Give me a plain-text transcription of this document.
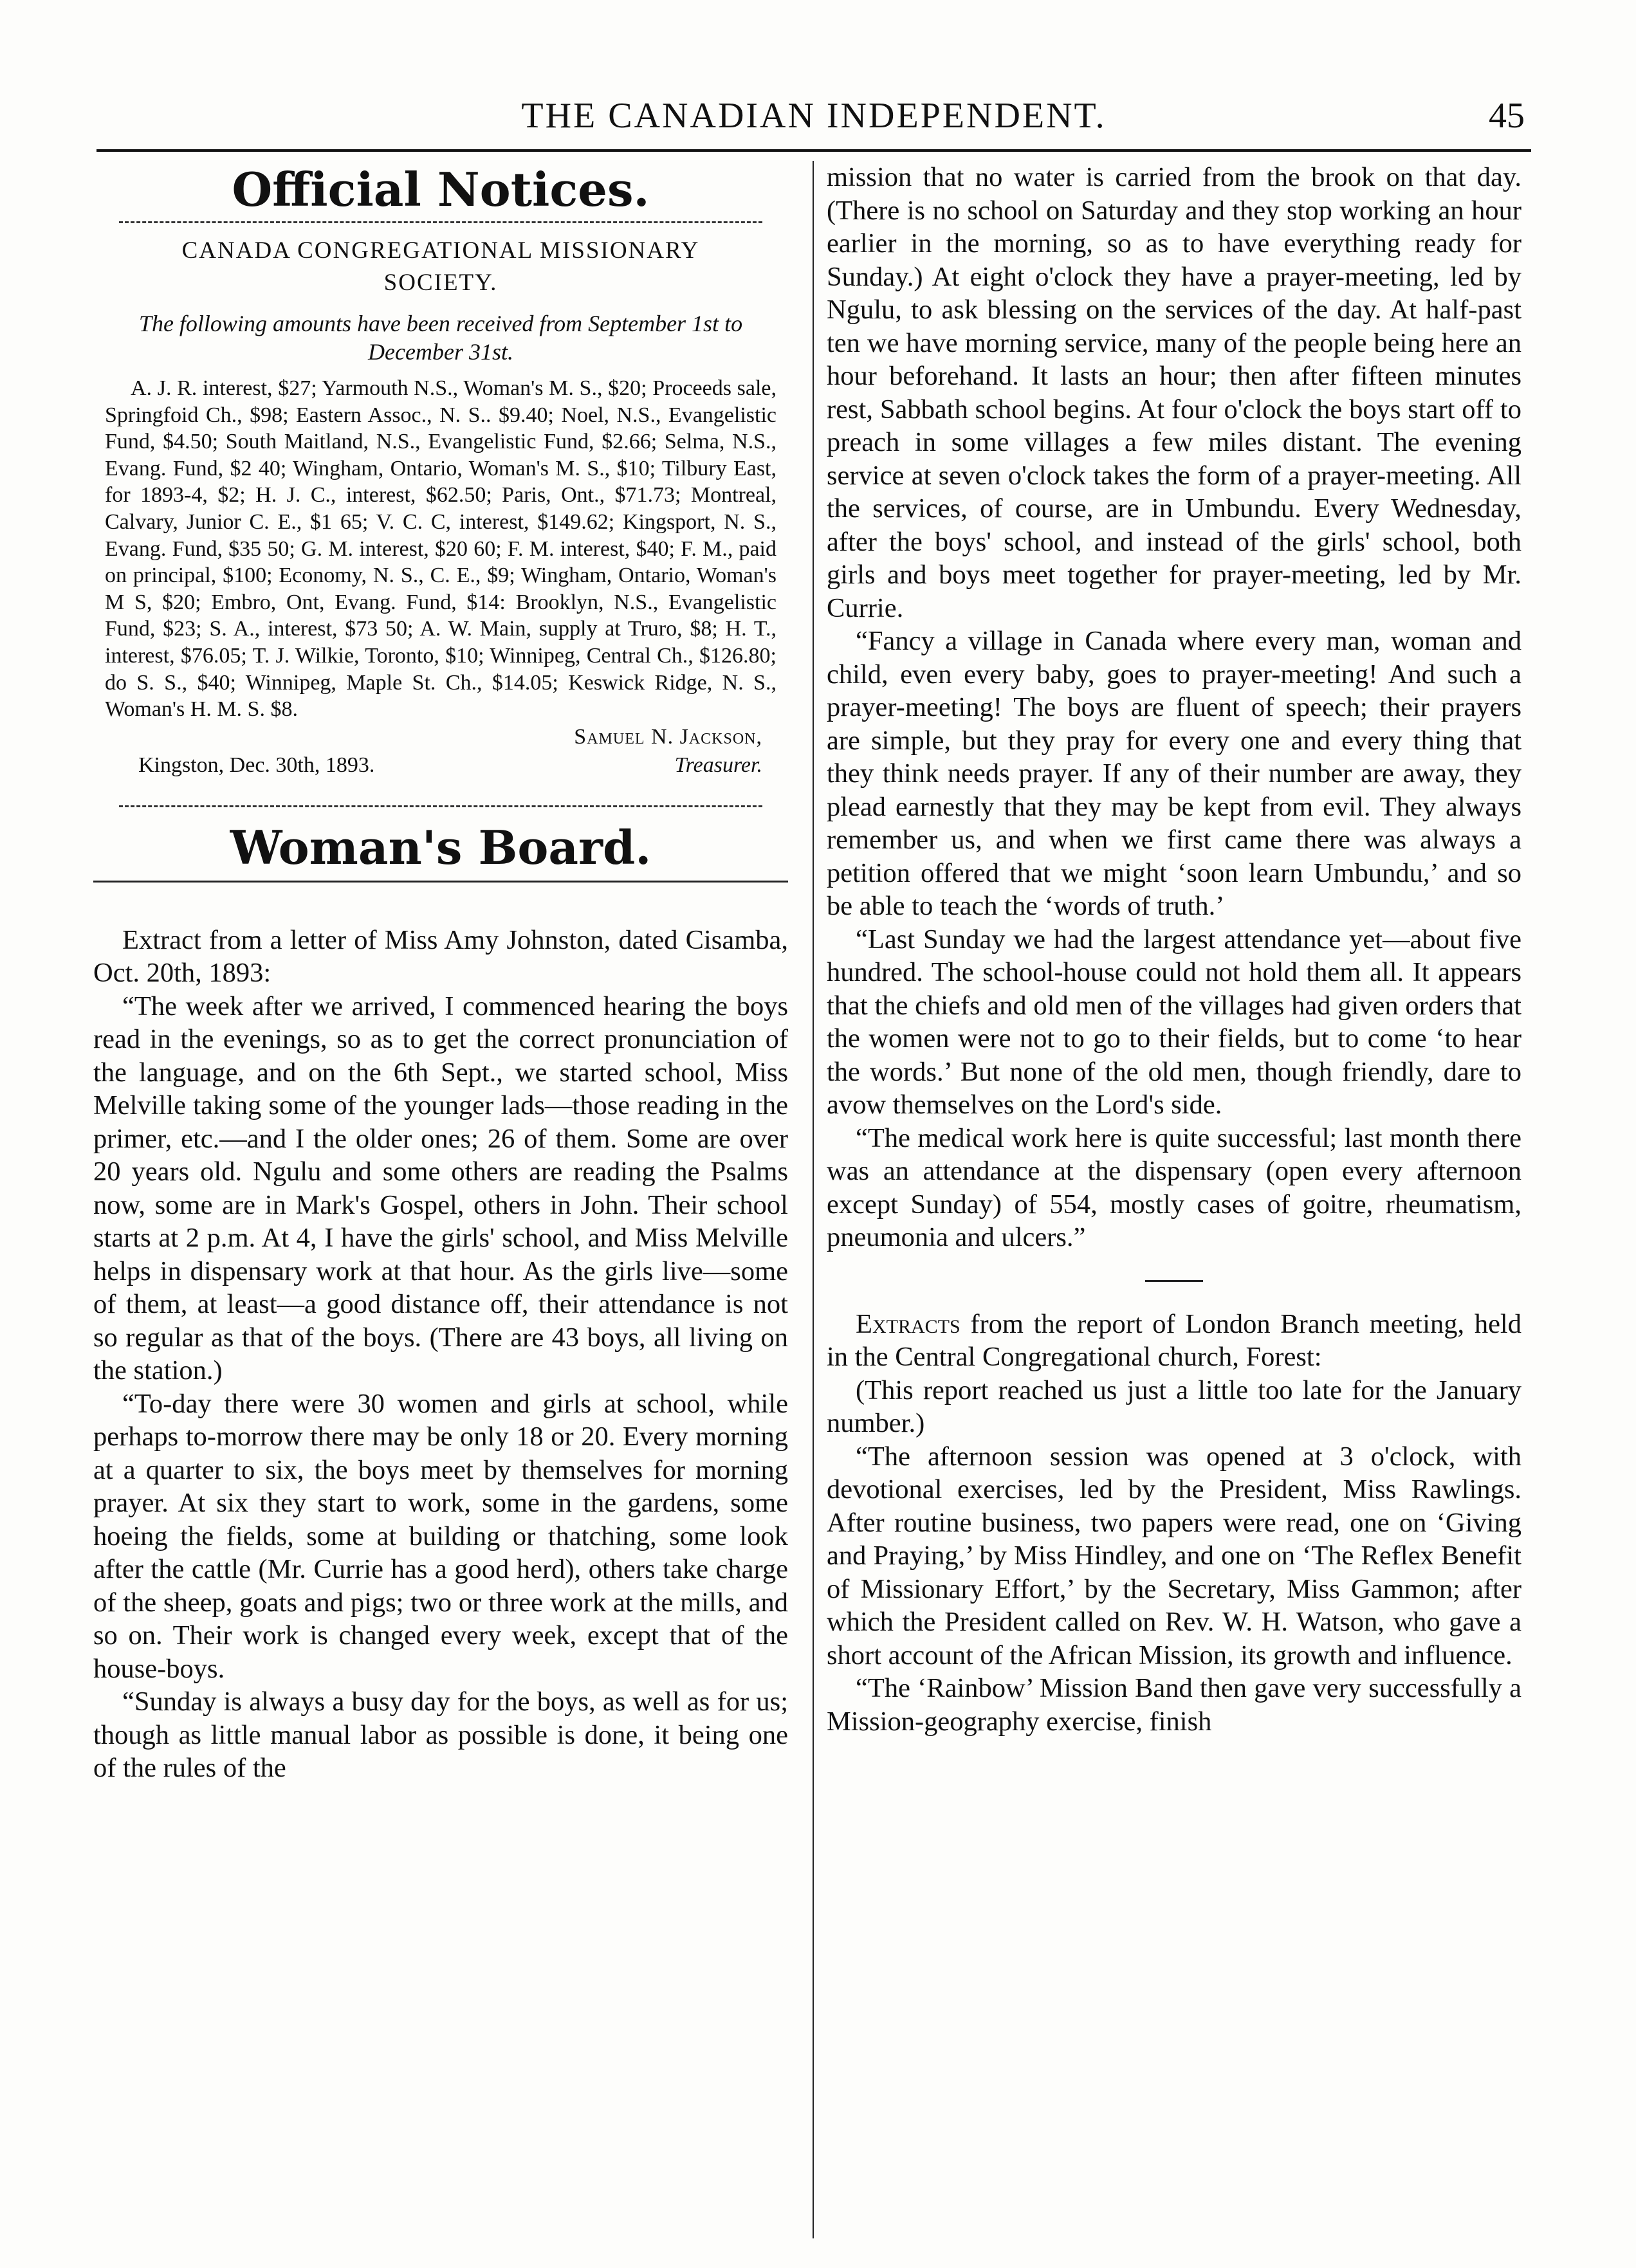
THE CANADIAN INDEPENDENT.	45
Official Notices.
CANADA CONGREGATIONAL MISSIONARY
SOCIETY.

The following amounts have been received from September 1st to December 31st.

A. J. R. interest, $27; Yarmouth N.S., Woman's M. S., $20; Proceeds sale, Springfoid Ch., $98; Eastern Assoc., N. S.. $9.40; Noel, N.S., Evangelistic Fund, $4.50; South Maitland, N.S., Evangelistic Fund, $2.66; Selma, N.S., Evang. Fund, $2 40; Wingham, Ontario, Woman's M. S., $10; Tilbury East, for 1893-4, $2; H. J. C., interest, $62.50; Paris, Ont., $71.73; Montreal, Calvary, Junior C. E., $1 65; V. C. C, interest, $149.62; Kingsport, N. S., Evang. Fund, $35 50; G. M. interest, $20 60; F. M. interest, $40; F. M., paid on principal, $100; Economy, N. S., C. E., $9; Wingham, Ontario, Woman's M S, $20; Embro, Ont, Evang. Fund, $14: Brooklyn, N.S., Evangelistic Fund, $23; S. A., interest, $73 50; A. W. Main, supply at Truro, $8; H. T., interest, $76.05; T. J. Wilkie, Toronto, $10; Winnipeg, Central Ch., $126.80; do S. S., $40; Winnipeg, Maple St. Ch., $14.05; Keswick Ridge, N. S., Woman's H. M. S. $8.

Samuel N. Jackson,
Kingston, Dec. 30th, 1893.	Treasurer.
Woman's Board.

Extract from a letter of Miss Amy Johnston, dated Cisamba, Oct. 20th, 1893:

“The week after we arrived, I commenced hearing the boys read in the evenings, so as to get the correct pronunciation of the language, and on the 6th Sept., we started school, Miss Melville taking some of the younger lads—those reading in the primer, etc.—and I the older ones; 26 of them. Some are over 20 years old. Ngulu and some others are reading the Psalms now, some are in Mark's Gospel, others in John. Their school starts at 2 p.m. At 4, I have the girls' school, and Miss Melville helps in dispensary work at that hour. As the girls live—some of them, at least—a good distance off, their attendance is not so regular as that of the boys. (There are 43 boys, all living on the station.)

“To-day there were 30 women and girls at school, while perhaps to-morrow there may be only 18 or 20. Every morning at a quarter to six, the boys meet by themselves for morning prayer. At six they start to work, some in the gardens, some hoeing the fields, some at building or thatching, some look after the cattle (Mr. Currie has a good herd), others take charge of the sheep, goats and pigs; two or three work at the mills, and so on. Their work is changed every week, except that of the house-boys.

“Sunday is always a busy day for the boys, as well as for us; though as little manual labor as possible is done, it being one of the rules of the

mission that no water is carried from the brook on that day. (There is no school on Saturday and they stop working an hour earlier in the morning, so as to have everything ready for Sunday.) At eight o'clock they have a prayer-meeting, led by Ngulu, to ask blessing on the services of the day. At half-past ten we have morning service, many of the people being here an hour beforehand. It lasts an hour; then after fifteen minutes rest, Sabbath school begins. At four o'clock the boys start off to preach in some villages a few miles distant. The evening service at seven o'clock takes the form of a prayer-meeting. All the services, of course, are in Umbundu. Every Wednesday, after the boys' school, and instead of the girls' school, both girls and boys meet together for prayer-meeting, led by Mr. Currie.

“Fancy a village in Canada where every man, woman and child, even every baby, goes to prayer-meeting! And such a prayer-meeting! The boys are fluent of speech; their prayers are simple, but they pray for every one and every thing that they think needs prayer. If any of their number are away, they plead earnestly that they may be kept from evil. They always remember us, and when we first came there was always a petition offered that we might ‘soon learn Umbundu,’ and so be able to teach the ‘words of truth.’

“Last Sunday we had the largest attendance yet—about five hundred. The school-house could not hold them all. It appears that the chiefs and old men of the villages had given orders that the women were not to go to their fields, but to come ‘to hear the words.’ But none of the old men, though friendly, dare to avow themselves on the Lord's side.

“The medical work here is quite successful; last month there was an attendance at the dispensary (open every afternoon except Sunday) of 554, mostly cases of goitre, rheumatism, pneumonia and ulcers.”

Extracts from the report of London Branch meeting, held in the Central Congregational church, Forest:

(This report reached us just a little too late for the January number.)

“The afternoon session was opened at 3 o'clock, with devotional exercises, led by the President, Miss Rawlings. After routine business, two papers were read, one on ‘Giving and Praying,’ by Miss Hindley, and one on ‘The Reflex Benefit of Missionary Effort,’ by the Secretary, Miss Gammon; after which the President called on Rev. W. H. Watson, who gave a short account of the African Mission, its growth and influence.

“The ‘Rainbow’ Mission Band then gave very successfully a Mission-geography exercise, finish
